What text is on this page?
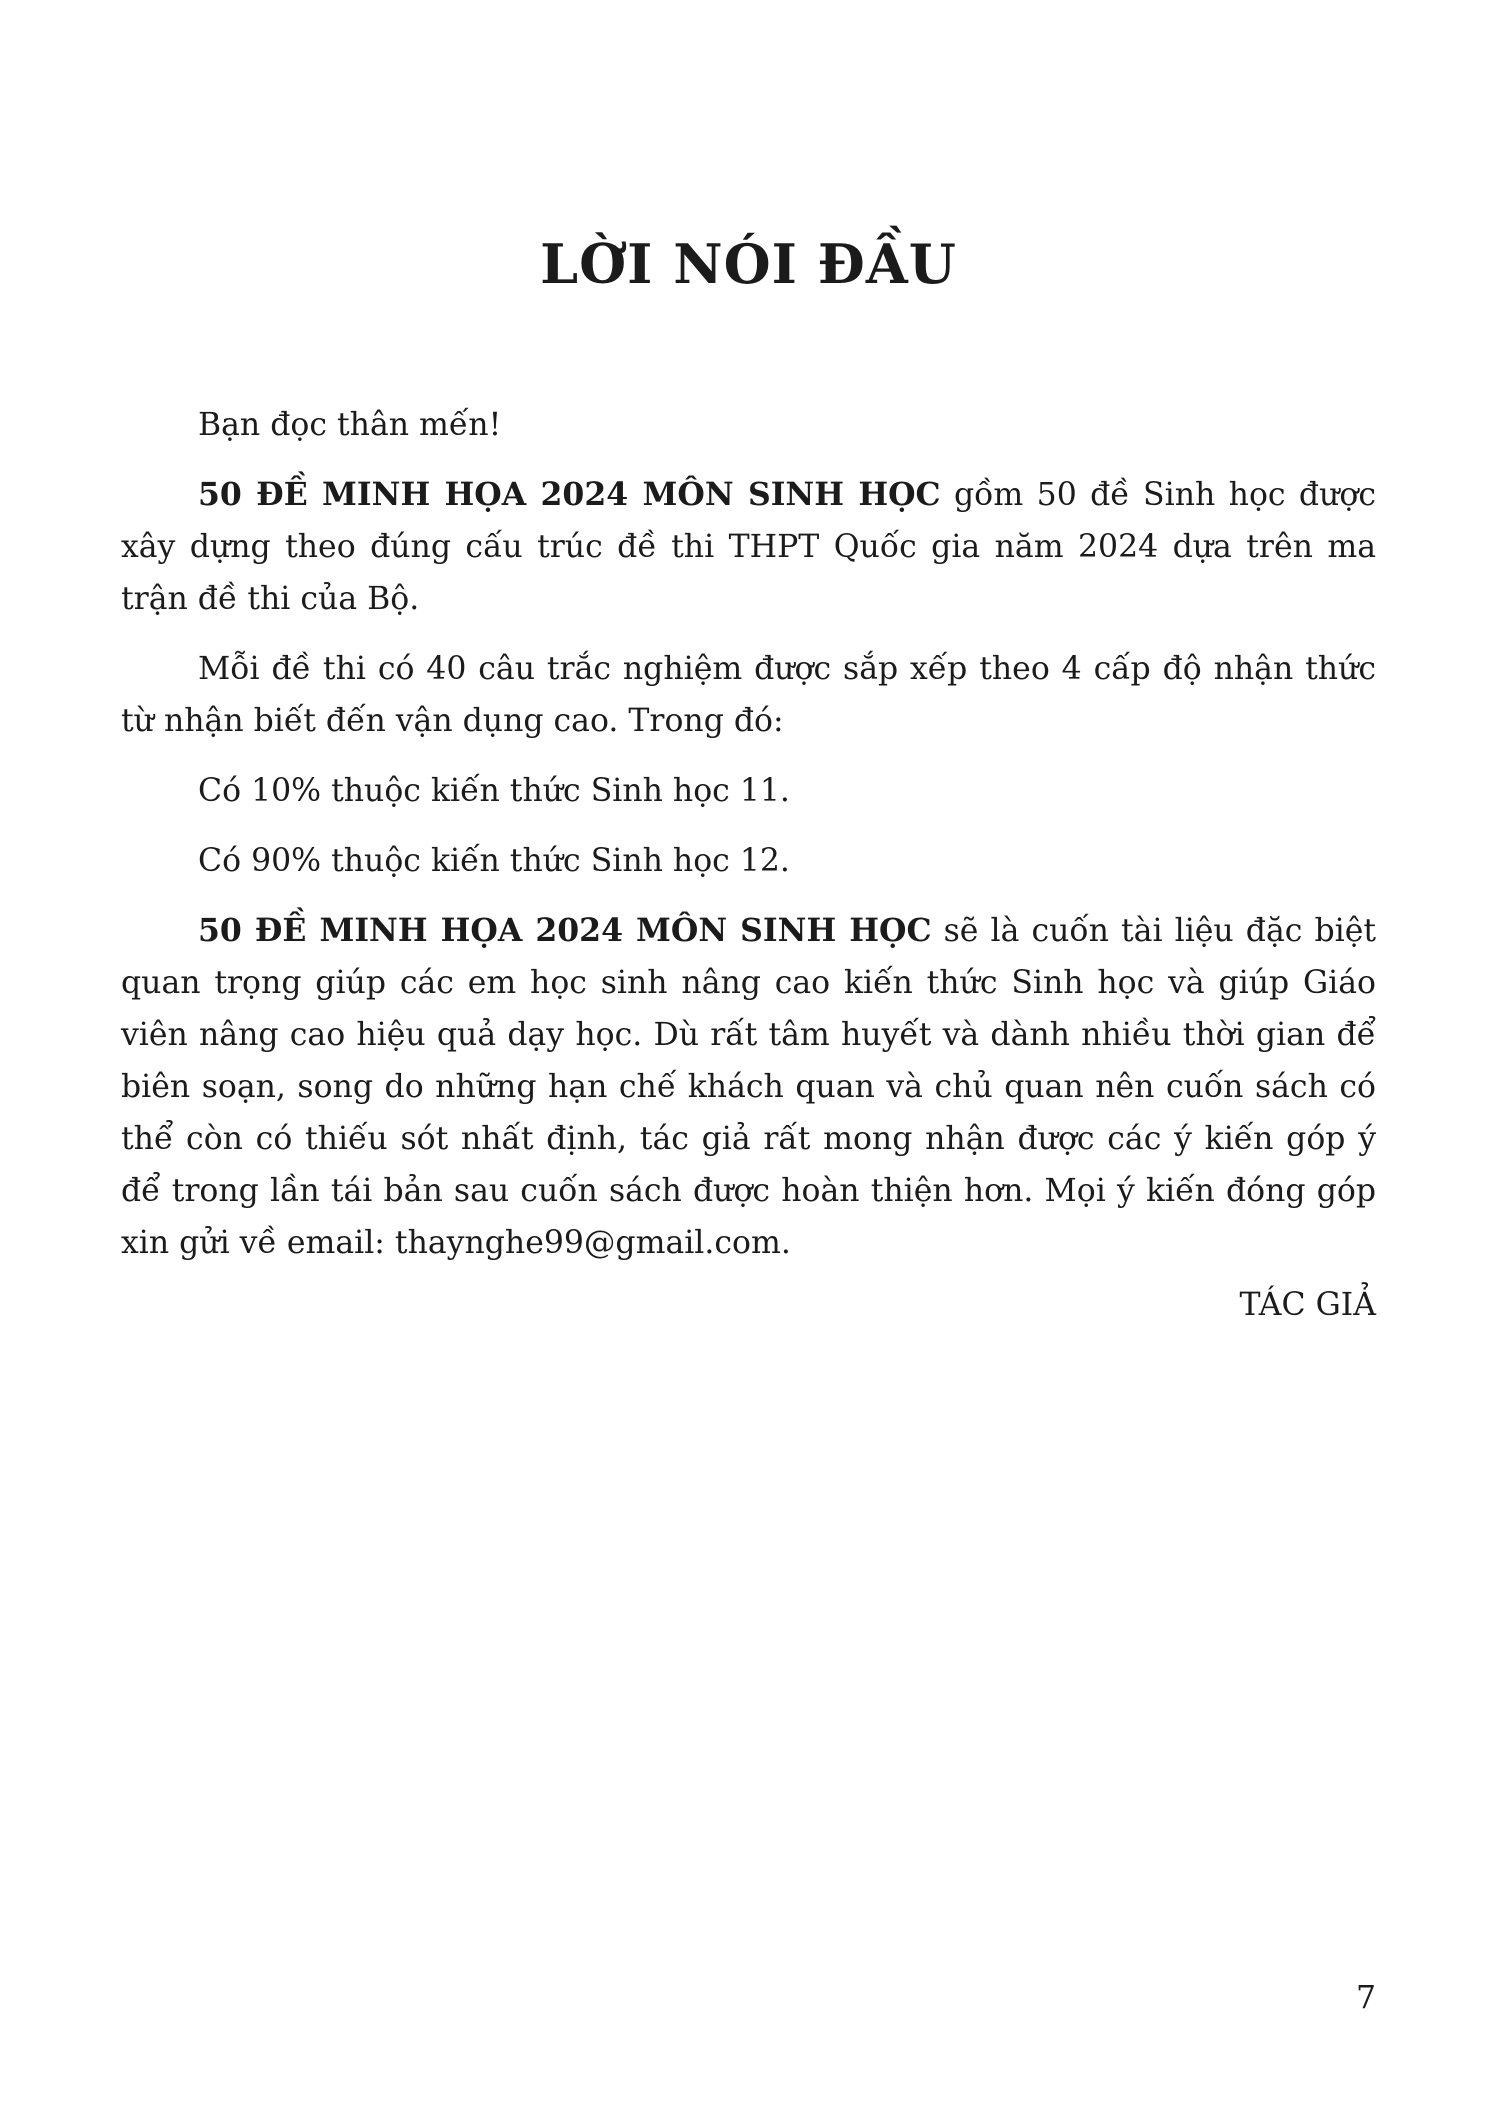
LỜI NÓI ĐẦU

Bạn đọc thân mến!

50 ĐỀ MINH HỌA 2024 MÔN SINH HỌC gồm 50 đề Sinh học được xây dựng theo đúng cấu trúc đề thi THPT Quốc gia năm 2024 dựa trên ma trận đề thi của Bộ.

Mỗi đề thi có 40 câu trắc nghiệm được sắp xếp theo 4 cấp độ nhận thức từ nhận biết đến vận dụng cao. Trong đó:

Có 10% thuộc kiến thức Sinh học 11.

Có 90% thuộc kiến thức Sinh học 12.

50 ĐỀ MINH HỌA 2024 MÔN SINH HỌC sẽ là cuốn tài liệu đặc biệt quan trọng giúp các em học sinh nâng cao kiến thức Sinh học và giúp Giáo viên nâng cao hiệu quả dạy học. Dù rất tâm huyết và dành nhiều thời gian để biên soạn, song do những hạn chế khách quan và chủ quan nên cuốn sách có thể còn có thiếu sót nhất định, tác giả rất mong nhận được các ý kiến góp ý để trong lần tái bản sau cuốn sách được hoàn thiện hơn. Mọi ý kiến đóng góp xin gửi về email: thaynghe99@gmail.com.

TÁC GIẢ
7
